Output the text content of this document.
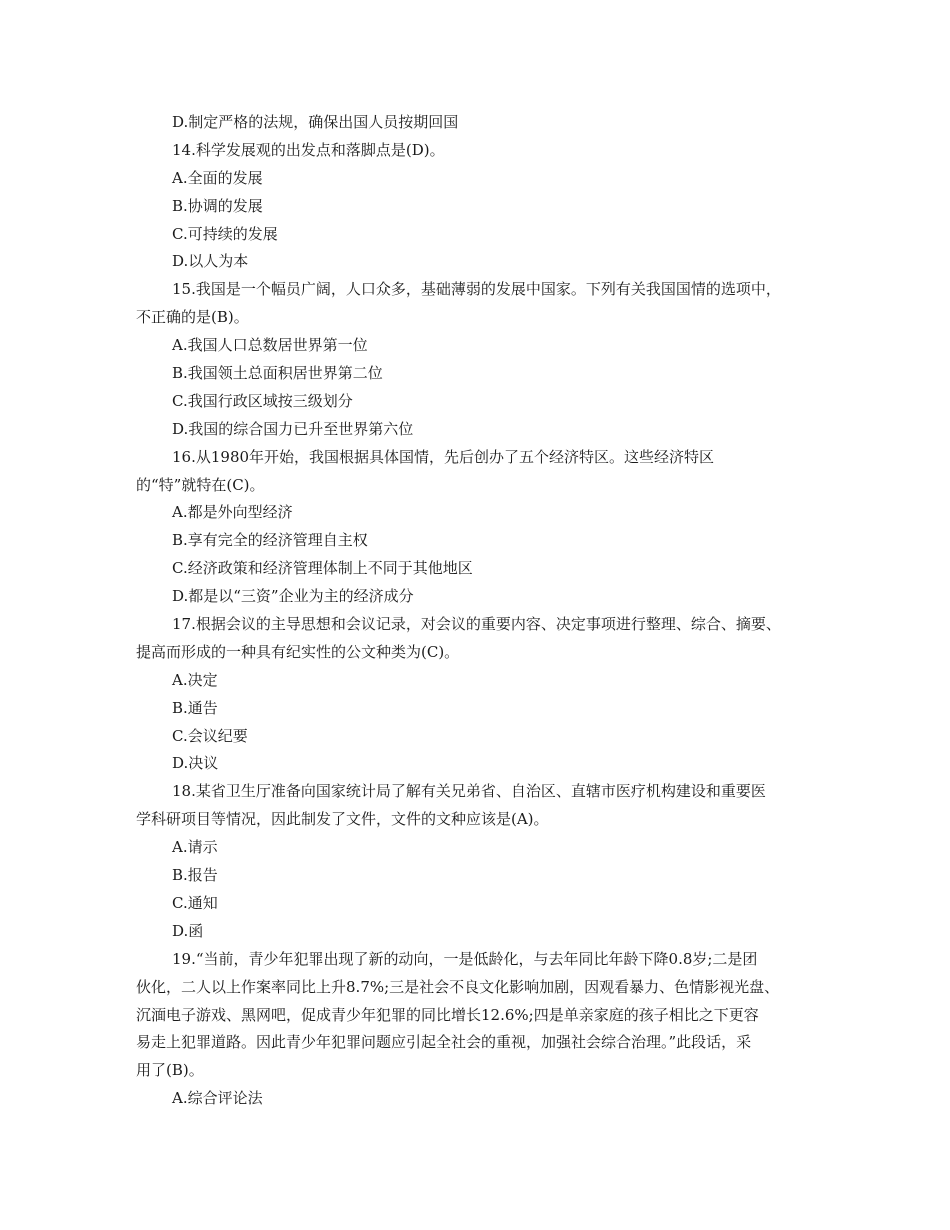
D.制定严格的法规，确保出国人员按期回国
14.科学发展观的出发点和落脚点是(D)。
A.全面的发展
B.协调的发展
C.可持续的发展
D.以人为本
15.我国是一个幅员广阔，人口众多，基础薄弱的发展中国家。下列有关我国国情的选项中，
不正确的是(B)。
A.我国人口总数居世界第一位
B.我国领土总面积居世界第二位
C.我国行政区域按三级划分
D.我国的综合国力已升至世界第六位
16.从1980年开始，我国根据具体国情，先后创办了五个经济特区。这些经济特区
的“特”就特在(C)。
A.都是外向型经济
B.享有完全的经济管理自主权
C.经济政策和经济管理体制上不同于其他地区
D.都是以“三资”企业为主的经济成分
17.根据会议的主导思想和会议记录，对会议的重要内容、决定事项进行整理、综合、摘要、
提高而形成的一种具有纪实性的公文种类为(C)。
A.决定
B.通告
C.会议纪要
D.决议
18.某省卫生厅准备向国家统计局了解有关兄弟省、自治区、直辖市医疗机构建设和重要医
学科研项目等情况，因此制发了文件，文件的文种应该是(A)。
A.请示
B.报告
C.通知
D.函
19.“当前，青少年犯罪出现了新的动向，一是低龄化，与去年同比年龄下降0.8岁;二是团
伙化，二人以上作案率同比上升8.7%;三是社会不良文化影响加剧，因观看暴力、色情影视光盘、
沉湎电子游戏、黑网吧，促成青少年犯罪的同比增长12.6%;四是单亲家庭的孩子相比之下更容
易走上犯罪道路。因此青少年犯罪问题应引起全社会的重视，加强社会综合治理。”此段话，采
用了(B)。
A.综合评论法
